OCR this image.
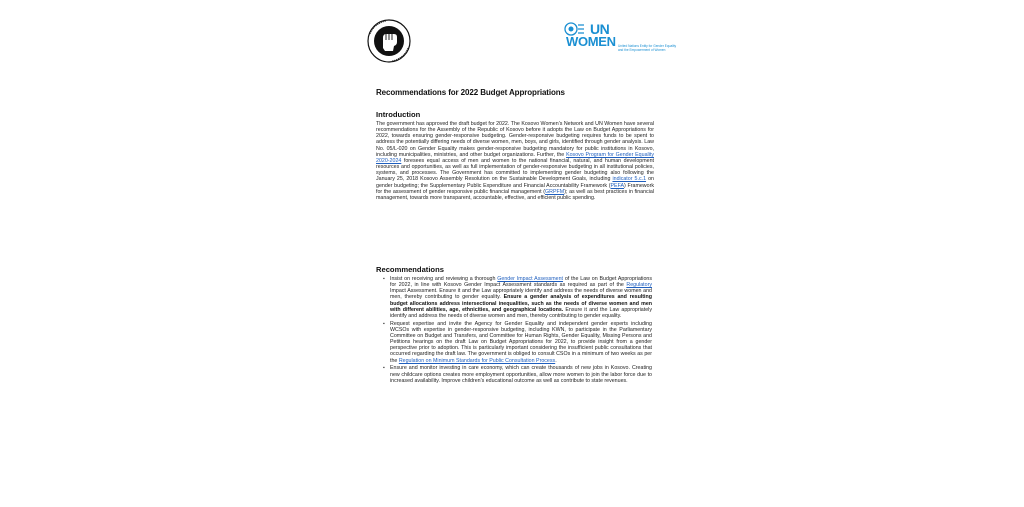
UN
WOMEN United Nations Entity for Gender Equality
and the Empowerment of Women
Recommendations for 2022 Budget Appropriations
Introduction
The government has approved the draft budget for 2022. The Kosovo Women's Network and UN Women have several recommendations for the Assembly of the Republic of Kosovo before it adopts the Law on Budget Appropriations for 2022, towards ensuring gender-responsive budgeting. Gender-responsive budgeting requires funds to be spent to address the potentially differing needs of diverse women, men, boys, and girls, identified through gender analysis. Law No. 05/L-020 on Gender Equality makes gender-responsive budgeting mandatory for public institutions in Kosovo, including municipalities, ministries, and other budget organizations. Further, the Kosovo Program for Gender Equality 2020-2024 foresees equal access of men and women to the national financial, natural, and human development resources and opportunities, as well as full implementation of gender-responsive budgeting in all institutional policies, systems, and processes. The Government has committed to implementing gender budgeting also following the January 25, 2018 Kosovo Assembly Resolution on the Sustainable Development Goals, including indicator 5.c.1 on gender budgeting; the Supplementary Public Expenditure and Financial Accountability Framework (PEFA) Framework for the assessment of gender responsive public financial management (GRPFM); as well as best practices in financial management, towards more transparent, accountable, effective, and efficient public spending.
Recommendations
▪ Insist on receiving and reviewing a thorough Gender Impact Assessment of the Law on Budget Appropriations for 2022, in line with Kosovo Gender Impact Assessment standards as required as part of the Regulatory Impact Assessment. Ensure it and the Law appropriately identify and address the needs of diverse women and men, thereby contributing to gender equality. Ensure a gender analysis of expenditures and resulting budget allocations address intersectional inequalities, such as the needs of diverse women and men with different abilities, age, ethnicities, and geographical locations. Ensure it and the Law appropriately identify and address the needs of diverse women and men, thereby contributing to gender equality.
▪ Request expertise and invite the Agency for Gender Equality and independent gender experts including WCSOs with expertise in gender-responsive budgeting, including KWN, to participate in the Parliamentary Committee on Budget and Transfers, and Committee for Human Rights, Gender Equality, Missing Persons and Petitions hearings on the draft Law on Budget Appropriations for 2022, to provide insight from a gender perspective prior to adoption. This is particularly important considering the insufficient public consultations that occurred regarding the draft law. The government is obliged to consult CSOs in a minimum of two weeks as per the Regulation on Minimum Standards for Public Consultation Process.
▪ Ensure and monitor investing in care economy, which can create thousands of new jobs in Kosovo. Creating new childcare options creates more employment opportunities, allow more women to join the labor force due to increased availability. Improve children's educational outcome as well as contribute to state revenues.
